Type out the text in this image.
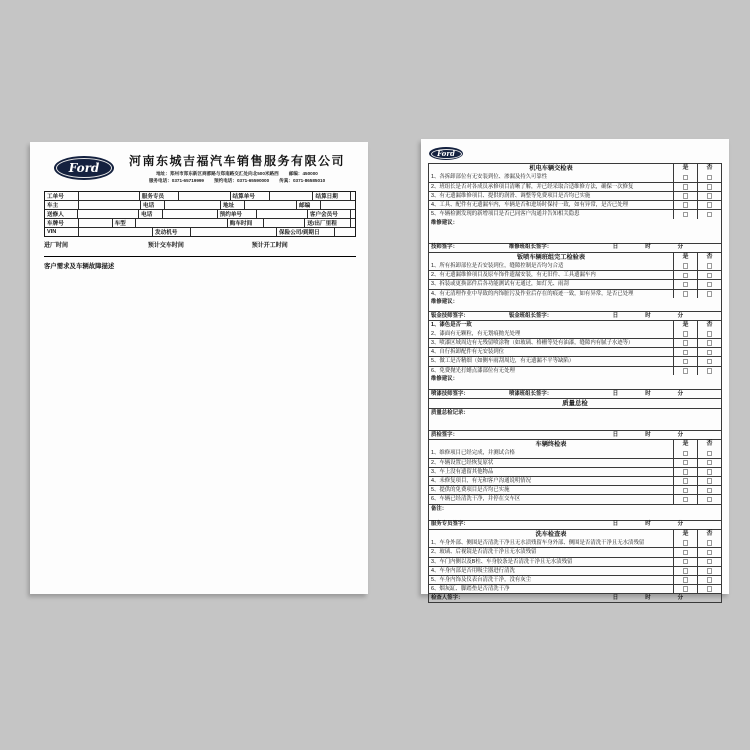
Ford	河南东城吉福汽车销售服务有限公司
地址：郑州市郑东新区商都路与郑南路交汇处向北500米路西 邮编：450000
服务电话：0371-65719999 预约电话：0371-65590000 传真：0371-86585010
工单号	服务专员	结算单号	结算日期
车主	电话	地址	邮编
送修人	电话	预约单号	客户会员号
车牌号	车型	购车时间	送/出厂里程
VIN	发动机号	保险公司/到期日
进厂时间	预计交车时间	预计开工时间
客户需求及车辆故障描述
Ford
机电车辆交检表	是	否
1、各拆卸部位有无安装到位、渗漏及持久可靠性
2、班组长是否对各成员承修项目清晰了解，并已经采取合适维修方法，确保一次修复
3、有无遗漏维修项目、提供的润滑、调整等免费项目是否均已实施
4、工具、配件有无遗漏车内，车辆是否和进场时保持一致，如有异常，是否已处理
5、车辆检测发现的新增项目是否已同客户沟通并告知相关隐患
维修建议：
技师签字：	维修班组长签字：	日	时	分
钣喷车辆班组完工检验表	是	否
1、所有拆卸部位是否安装到位，缝隙控制是否均匀合适
2、有无遗漏维修项目及原车饰件遗漏安装，有无旧件、工具遗漏车内
3、拆装或更换部件后各功能测试有无通过，如灯光、雨刮
4、有无清理作业中导致的内饰脏污及作业后存在的痕迹一致，如有异常，是否已处理
维修建议：
钣金技师签字：	钣金班组长签字：	日	时	分
1、漆色是否一致	是	否
2、漆面有无颗粒，有无划痕抛光处理
3、喷漆区域周边有无残留喷涂物（如玻璃、格栅等处有油漆，缝隙内有腻子水迹等）
4、自行拆卸配件有无安装到位
5、做工是否精细（如侧车雨刮周边，有无遗漏不平等缺陷）
6、免费抛光打蜡点漆部位有无处理
维修建议：
喷漆技师签字：	喷漆班组长签字：	日	时	分
质量总检
质量总检记录：
质检签字：	日	时	分
车辆终检表	是	否
1、维修项目已经完成，并测试合格
2、车辆设置已经恢复原状
3、车上没有遗留其他物品
4、未修复项目，有无和客户沟通说明情况
5、提供的免费项目是否均已实施
6、车辆已经清洗干净，并停在交车区
备注：
服务专员签字：	日	时	分
洗车检查表	是	否
1、车身外部、侧围是否清洗干净且无水渍残留车身外部、侧围是否清洗干净且无水渍残留
2、玻璃、后视镜是否清洗干净且无水渍残留
3、车门内侧以及B柱、车身胶条是否清洗干净且无水渍残留
4、车身内部是否用吸尘器进行清洗
5、车身内饰及仪表台清洗干净，没有灰尘
6、烟灰缸、脚踏垫是否清洗干净
检查人签字：	日	时	分
